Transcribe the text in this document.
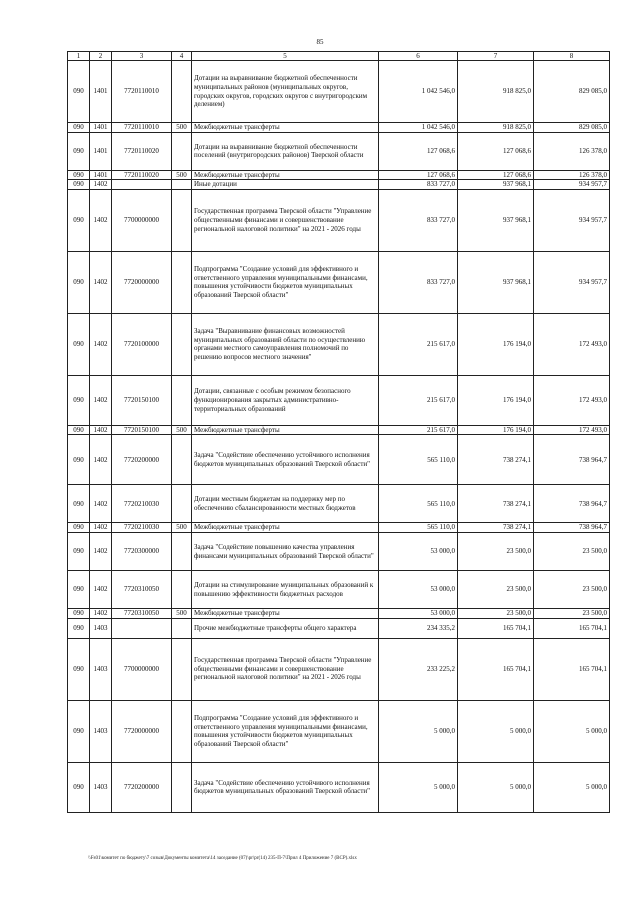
85
1	2	3	4	5	6	7	8
090	1401	7720110010		Дотации на выравнивание бюджетной обеспеченности муниципальных районов (муниципальных округов, городских округов, городских округов с внутригородским делением)	1 042 546,0	918 825,0	829 085,0
090	1401	7720110010	500	Межбюджетные трансферты	1 042 546,0	918 825,0	829 085,0
090	1401	7720110020		Дотации на выравнивание бюджетной обеспеченности поселений (внутригородских районов) Тверской области	127 068,6	127 068,6	126 378,0
090	1401	7720110020	500	Межбюджетные трансферты	127 068,6	127 068,6	126 378,0
090	1402			Иные дотации	833 727,0	937 968,1	934 957,7
090	1402	7700000000		Государственная программа Тверской области "Управление общественными финансами и совершенствование региональной налоговой политики" на 2021 - 2026 годы	833 727,0	937 968,1	934 957,7
090	1402	7720000000		Подпрограмма "Создание условий для эффективного и ответственного управления муниципальными финансами, повышения устойчивости бюджетов муниципальных образований Тверской области"	833 727,0	937 968,1	934 957,7
090	1402	7720100000		Задача "Выравнивание финансовых возможностей муниципальных образований области по осуществлению органами местного самоуправления полномочий по решению вопросов местного значения"	215 617,0	176 194,0	172 493,0
090	1402	7720150100		Дотации, связанные с особым режимом безопасного функционирования закрытых административно-территориальных образований	215 617,0	176 194,0	172 493,0
090	1402	7720150100	500	Межбюджетные трансферты	215 617,0	176 194,0	172 493,0
090	1402	7720200000		Задача "Содействие обеспечению устойчивого исполнения бюджетов муниципальных образований Тверской области"	565 110,0	738 274,1	738 964,7
090	1402	7720210030		Дотации местным бюджетам на поддержку мер по обеспечению сбалансированности местных бюджетов	565 110,0	738 274,1	738 964,7
090	1402	7720210030	500	Межбюджетные трансферты	565 110,0	738 274,1	738 964,7
090	1402	7720300000		Задача "Содействие повышению качества управления финансами муниципальных образований Тверской области"	53 000,0	23 500,0	23 500,0
090	1402	7720310050		Дотации на стимулирование муниципальных образований к повышению эффективности бюджетных расходов	53 000,0	23 500,0	23 500,0
090	1402	7720310050	500	Межбюджетные трансферты	53 000,0	23 500,0	23 500,0
090	1403			Прочие межбюджетные трансферты общего характера	234 335,2	165 704,1	165 704,1
090	1403	7700000000		Государственная программа Тверской области "Управление общественными финансами и совершенствование региональной налоговой политики" на 2021 - 2026 годы	233 225,2	165 704,1	165 704,1
090	1403	7720000000		Подпрограмма "Создание условий для эффективного и ответственного управления муниципальными финансами, повышения устойчивости бюджетов муниципальных образований Тверской области"	5 000,0	5 000,0	5 000,0
090	1403	7720200000		Задача "Содействие обеспечению устойчивого исполнения бюджетов муниципальных образований Тверской области"	5 000,0	5 000,0	5 000,0
\\Fs01\комитет по бюджету\7 созыв\Документы комитета\14 заседание (07)\pr\pr(14) 235-П-7\Прил 4 Приложение 7 (ВСР).xlsx
